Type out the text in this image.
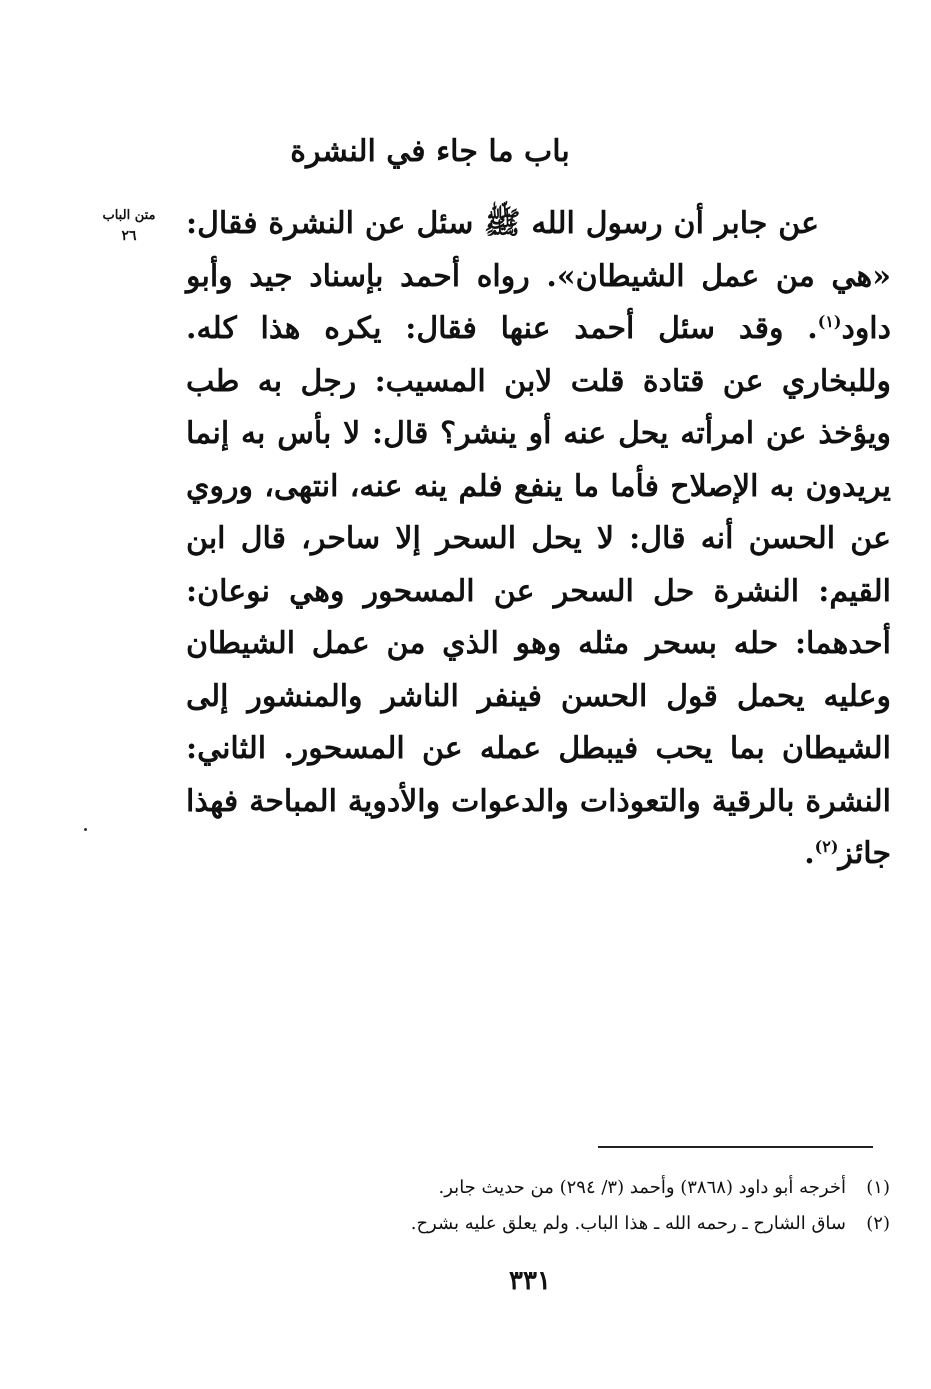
باب ما جاء في النشرة
متن الباب
٢٦	عن جابر أن رسول الله ﷺ سئل عن النشرة فقال: «هي من عمل الشيطان». رواه أحمد بإسناد جيد وأبو داود$^{(١)}$. وقد سئل أحمد عنها فقال: يكره هذا كله. وللبخاري عن قتادة قلت لابن المسيب: رجل به طب ويؤخذ عن امرأته يحل عنه أو ينشر؟ قال: لا بأس به إنما يريدون به الإصلاح فأما ما ينفع فلم ينه عنه، انتهى، وروي عن الحسن أنه قال: لا يحل السحر إلا ساحر، قال ابن القيم: النشرة حل السحر عن المسحور وهي نوعان: أحدهما: حله بسحر مثله وهو الذي من عمل الشيطان وعليه يحمل قول الحسن فينفر الناشر والمنشور إلى الشيطان بما يحب فيبطل عمله عن المسحور. الثاني: النشرة بالرقية والتعوذات والدعوات والأدوية المباحة فهذا جائز$^{(٢)}$.

(١)
أخرجه أبو داود (٣٨٦٨) وأحمد (٣/ ٢٩٤) من حديث جابر.
(٢)
ساق الشارح ـ رحمه الله ـ هذا الباب. ولم يعلق عليه بشرح.
٣٣١
